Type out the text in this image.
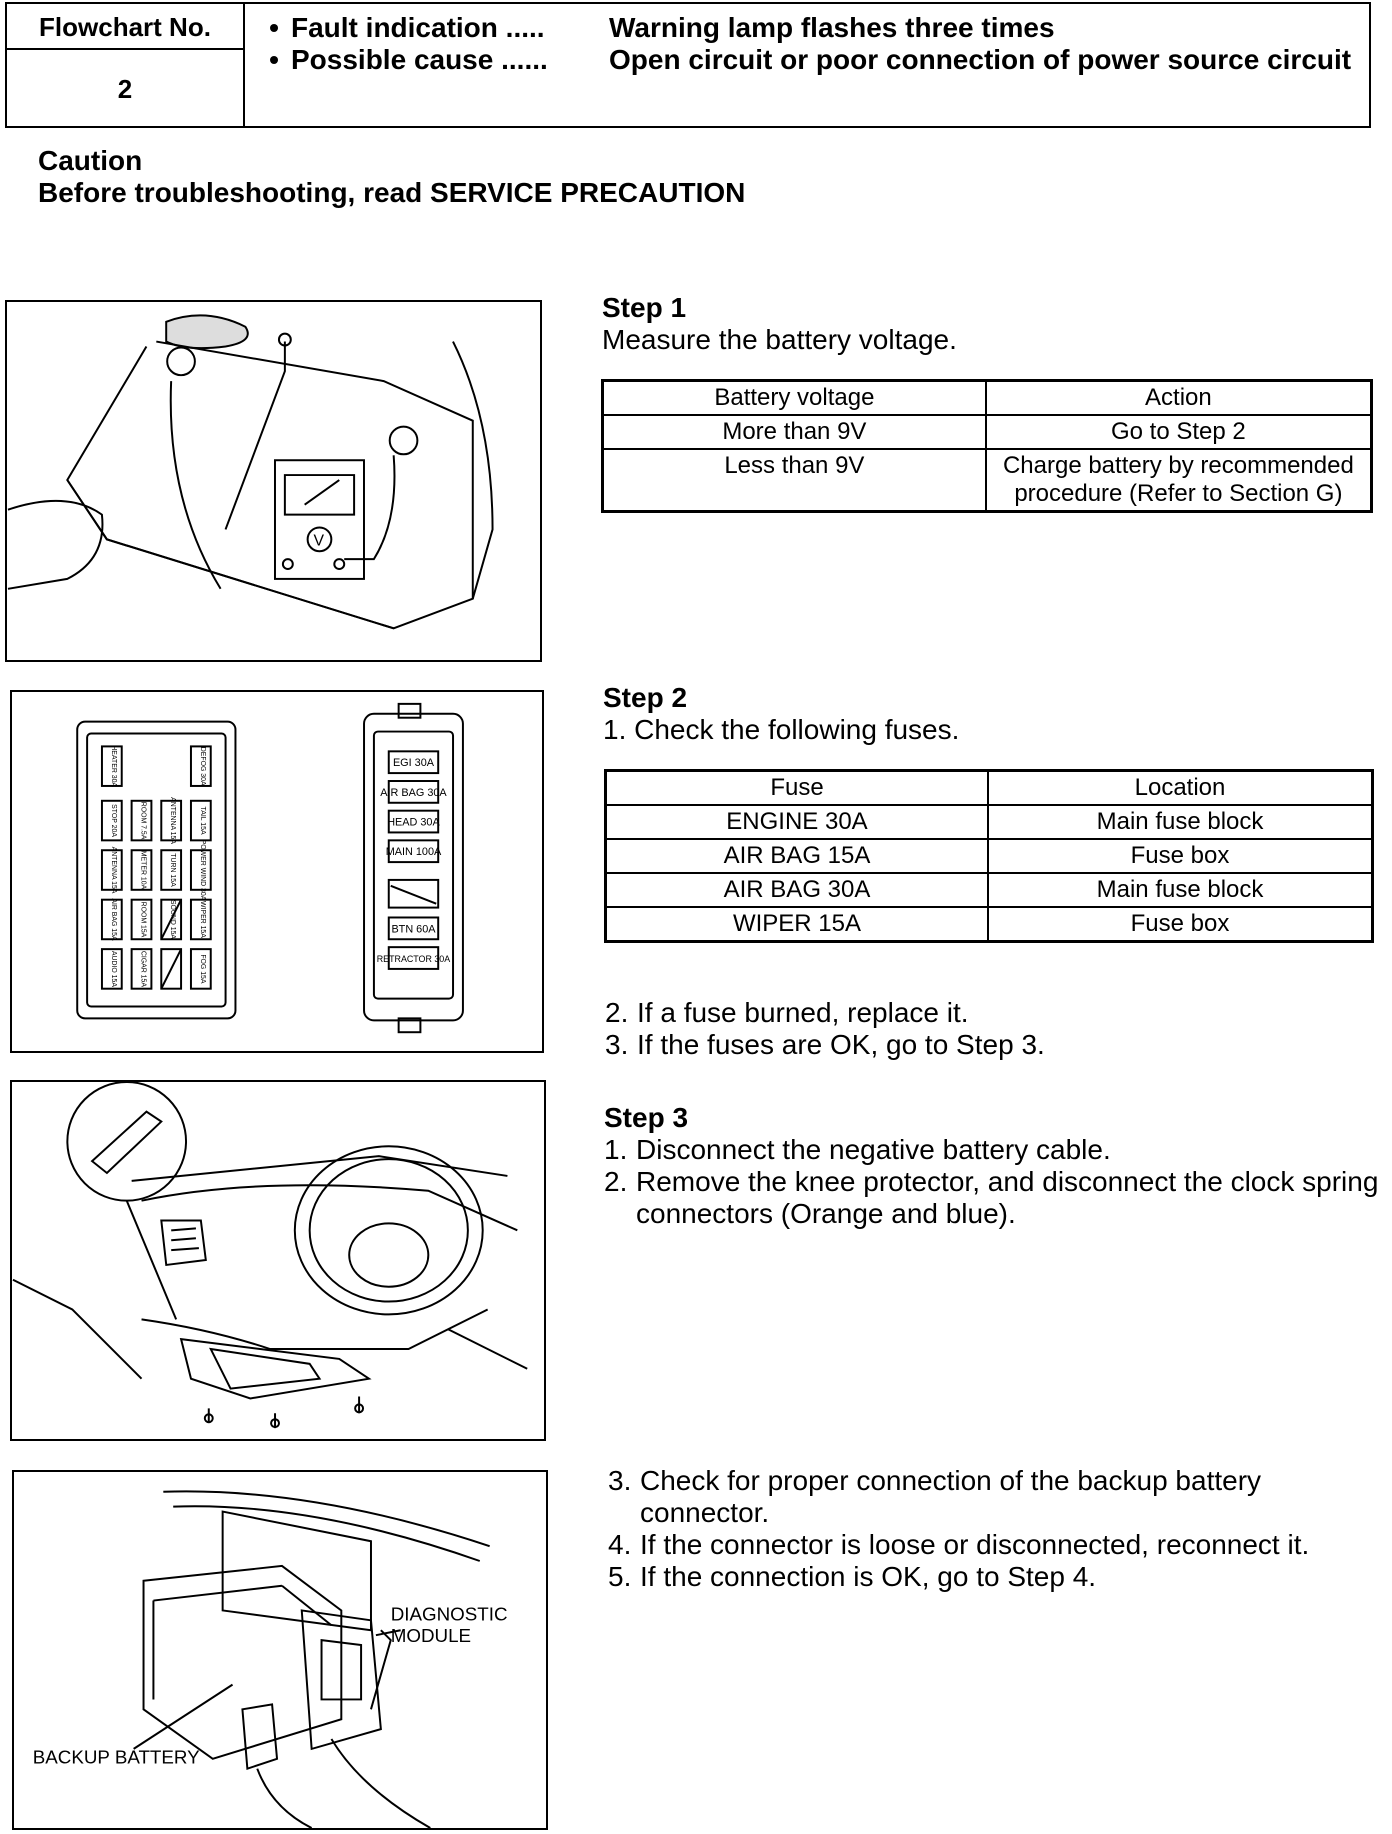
Flowchart No.
2
• Fault indication .....	Warning lamp flashes three times
• Possible cause ......	Open circuit or poor connection of power source circuit
Caution
Before troubleshooting, read SERVICE PRECAUTION
V
Step 1
Measure the battery voltage.
Battery voltage	Action
More than 9V	Go to Step 2
Less than 9V	Charge battery by recommended procedure (Refer to Section G)
EGI 30A
AIR BAG 30A
HEAD 30A
MAIN 100A
BTN 60A
RETRACTOR 30A
HEATER 30A	DEFOG 30A
STOP 20A	ROOM 7.5A	ANTENNA 15A	TAIL 15A
ANTENNA 15A	METER 10A	TURN 15A	POWER WIND 30A
AIR BAG 15A	ROOM 15A	WIPER 15A
SOUND 15A
AUDIO 15A	CIGAR 15A	FOG 15A
Step 2
1. Check the following fuses.
Fuse	Location
ENGINE 30A	Main fuse block
AIR BAG 15A	Fuse box
AIR BAG 30A	Main fuse block
WIPER 15A	Fuse box
2. If a fuse burned, replace it.
3. If the fuses are OK, go to Step 3.
Step 3
1. Disconnect the negative battery cable.
2. Remove the knee protector, and disconnect the clock spring connectors (Orange and blue).
DIAGNOSTIC
MODULE
BACKUP BATTERY
3. Check for proper connection of the backup battery connector.
4. If the connector is loose or disconnected, reconnect it.
5. If the connection is OK, go to Step 4.
